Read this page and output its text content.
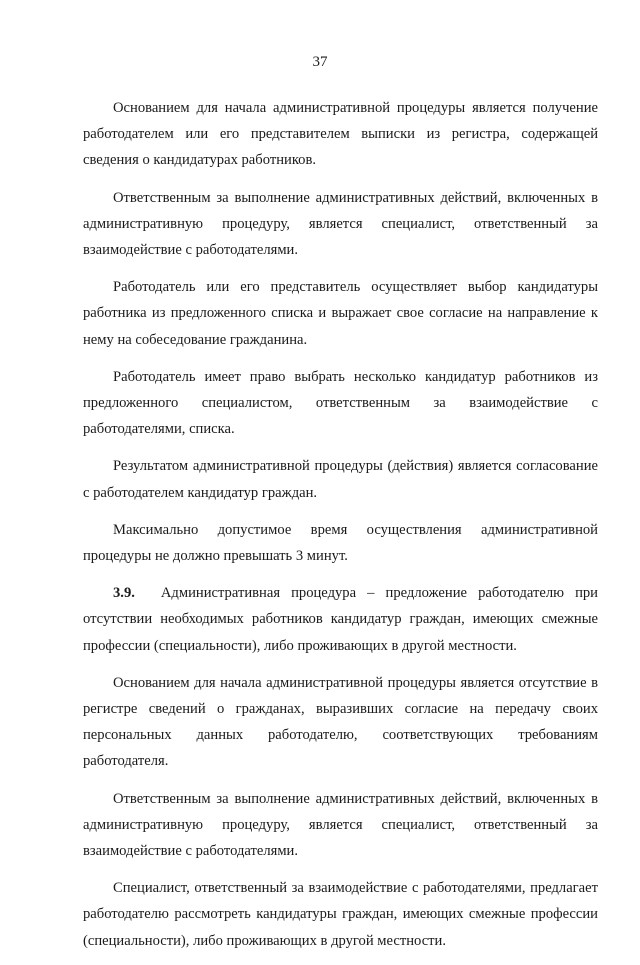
37

Основанием для начала административной процедуры является получение работодателем или его представителем выписки из регистра, содержащей сведения о кандидатурах работников.

Ответственным за выполнение административных действий, включенных в административную процедуру, является специалист, ответственный за взаимодействие с работодателями.

Работодатель или его представитель осуществляет выбор кандидатуры работника из предложенного списка и выражает свое согласие на направление к нему на собеседование гражданина.

Работодатель имеет право выбрать несколько кандидатур работников из предложенного специалистом, ответственным за взаимодействие с работодателями, списка.

Результатом административной процедуры (действия) является согласование с работодателем кандидатур граждан.

Максимально допустимое время осуществления административной процедуры не должно превышать 3 минут.

3.9. Административная процедура – предложение работодателю при отсутствии необходимых работников кандидатур граждан, имеющих смежные профессии (специальности), либо проживающих в другой местности.

Основанием для начала административной процедуры является отсутствие в регистре сведений о гражданах, выразивших согласие на передачу своих персональных данных работодателю, соответствующих требованиям работодателя.

Ответственным за выполнение административных действий, включенных в административную процедуру, является специалист, ответственный за взаимодействие с работодателями.

Специалист, ответственный за взаимодействие с работодателями, предлагает работодателю рассмотреть кандидатуры граждан, имеющих смежные профессии (специальности), либо проживающих в другой местности.
